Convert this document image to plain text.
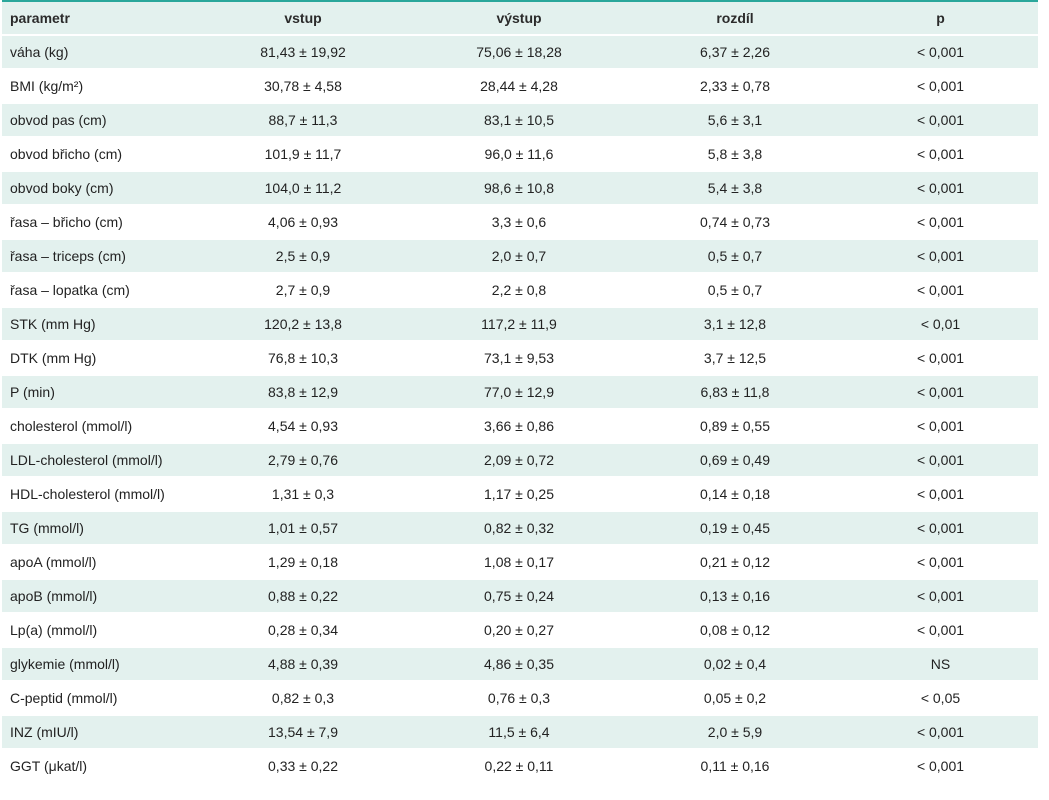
parametr	vstup	výstup	rozdíl	p
váha (kg)	81,43 ± 19,92	75,06 ± 18,28	6,37 ± 2,26	< 0,001
BMI (kg/m²)	30,78 ± 4,58	28,44 ± 4,28	2,33 ± 0,78	< 0,001
obvod pas (cm)	88,7 ± 11,3	83,1 ± 10,5	5,6 ± 3,1	< 0,001
obvod břicho (cm)	101,9 ± 11,7	96,0 ± 11,6	5,8 ± 3,8	< 0,001
obvod boky (cm)	104,0 ± 11,2	98,6 ± 10,8	5,4 ± 3,8	< 0,001
řasa – břicho (cm)	4,06 ± 0,93	3,3 ± 0,6	0,74 ± 0,73	< 0,001
řasa – triceps (cm)	2,5 ± 0,9	2,0 ± 0,7	0,5 ± 0,7	< 0,001
řasa – lopatka (cm)	2,7 ± 0,9	2,2 ± 0,8	0,5 ± 0,7	< 0,001
STK (mm Hg)	120,2 ± 13,8	117,2 ± 11,9	3,1 ± 12,8	< 0,01
DTK (mm Hg)	76,8 ± 10,3	73,1 ± 9,53	3,7 ± 12,5	< 0,001
P (min)	83,8 ± 12,9	77,0 ± 12,9	6,83 ± 11,8	< 0,001
cholesterol (mmol/l)	4,54 ± 0,93	3,66 ± 0,86	0,89 ± 0,55	< 0,001
LDL-cholesterol (mmol/l)	2,79 ± 0,76	2,09 ± 0,72	0,69 ± 0,49	< 0,001
HDL-cholesterol (mmol/l)	1,31 ± 0,3	1,17 ± 0,25	0,14 ± 0,18	< 0,001
TG (mmol/l)	1,01 ± 0,57	0,82 ± 0,32	0,19 ± 0,45	< 0,001
apoA (mmol/l)	1,29 ± 0,18	1,08 ± 0,17	0,21 ± 0,12	< 0,001
apoB (mmol/l)	0,88 ± 0,22	0,75 ± 0,24	0,13 ± 0,16	< 0,001
Lp(a) (mmol/l)	0,28 ± 0,34	0,20 ± 0,27	0,08 ± 0,12	< 0,001
glykemie (mmol/l)	4,88 ± 0,39	4,86 ± 0,35	0,02 ± 0,4	NS
C-peptid (mmol/l)	0,82 ± 0,3	0,76 ± 0,3	0,05 ± 0,2	< 0,05
INZ (mIU/l)	13,54 ± 7,9	11,5 ± 6,4	2,0 ± 5,9	< 0,001
GGT (μkat/l)	0,33 ± 0,22	0,22 ± 0,11	0,11 ± 0,16	< 0,001
